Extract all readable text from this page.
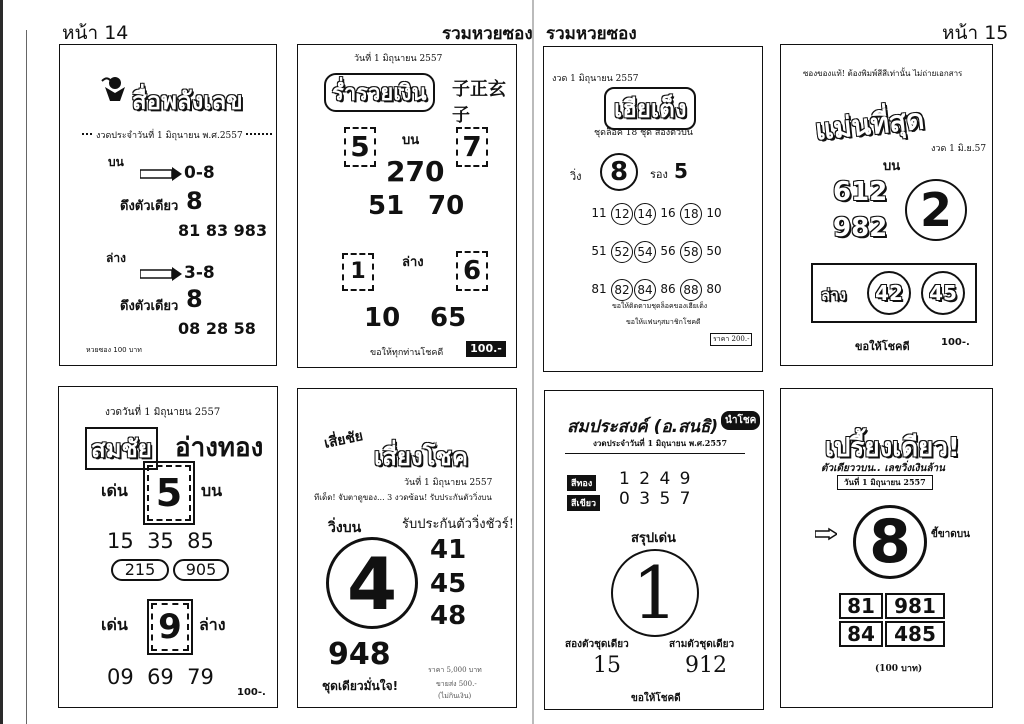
หน้า 14	รวมหวยซอง รวมหวยซอง	หน้า 15
สื่อพลังเลข
งวดประจำวันที่ 1 มิถุนายน พ.ศ.2557
บน
0-8
ดึงตัวเดียว 8
81 83 983
ล่าง
3-8
ดึงตัวเดียว 8
08 28 58
หวยซอง 100 บาท
วันที่ 1 มิถุนายน 2557
ร่ำรวยเงิน	子正玄子
5	บน 7
270
51 70
1	ล่าง 6
10 65
ขอให้ทุกท่านโชคดี	100.-
งวด 1 มิถุนายน 2557
เฮียเต็ง
ชุดล็อค 18 ชุด สองตัวบน
วิ่ง	8	รอง 5
11 12 14 16 18 10
51 52 54 56 58 50
81 82 84 86 88 80
ขอให้ติดตามชุดล็อคของเฮียเต็ง
ขอให้แฟนๆสมาชิกโชคดี
ราคา 200.-
ซองของแท้! ต้องพิมพ์สีสีเท่านั้น ไม่ถ่ายเอกสาร
แม่นที่สุด
งวด 1 มิ.ย.57
บน
612
982 2
ล่าง	42	45
ขอให้โชคดี	100-.
งวดวันที่ 1 มิถุนายน 2557
สมชัย อ่างทอง
เด่น 5	บน
15  35  85
215	905
เด่น 9	ล่าง
09  69  79
100-.
เสี่ยชัย
เสี่ยงโชค
วันที่ 1 มิถุนายน 2557
ทีเด็ด! จับตาดูของ... 3 งวดซ้อน! รับประกันตัววิ่งบน
วิ่งบน	รับประกันตัววิ่งชัวร์!
4	41
45
48
948
ชุดเดียวมั่นใจ!
ราคา 5,000 บาท
ขายส่ง 500.-
(ไม่กินเงิน)
สมประสงค์ (อ.สนธิ) นำโชค
งวดประจำวันที่ 1 มิถุนายน พ.ศ.2557
สีทอง 1 2 4 9
สีเขียว 0 3 5 7
สรุปเด่น
1
สองตัวชุดเดียว	สามตัวชุดเดียว
15	912
ขอให้โชคดี
เปรี้ยงเดียว!
ตัวเดียววบน.. เลขวิ่งเงินล้าน
วันที่ 1 มิถุนายน 2557
8	ขี้ขาดบน
81 981
84 485
(100 บาท)
